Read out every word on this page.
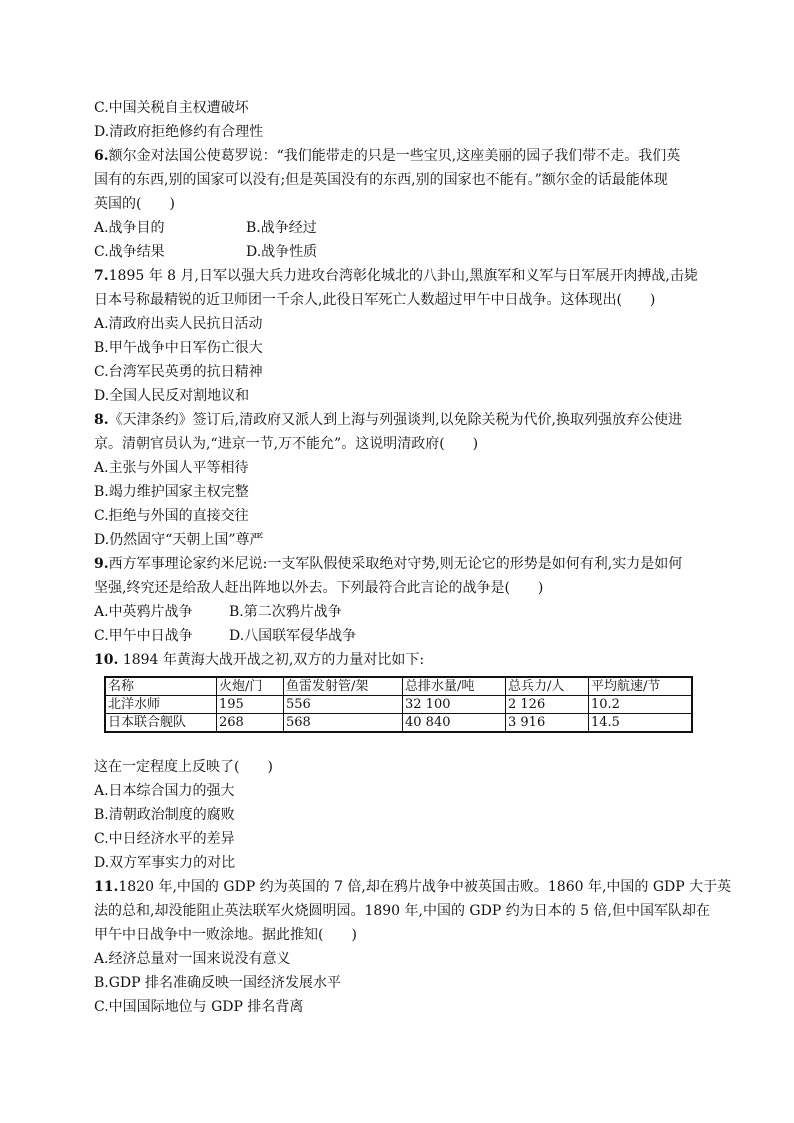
C.中国关税自主权遭破坏
D.清政府拒绝修约有合理性
6.额尔金对法国公使葛罗说：“我们能带走的只是一些宝贝,这座美丽的园子我们带不走。我们英
国有的东西,别的国家可以没有;但是英国没有的东西,别的国家也不能有。”额尔金的话最能体现
英国的(　　)
A.战争目的	B.战争经过
C.战争结果	D.战争性质
7.1895 年 8 月,日军以强大兵力进攻台湾彰化城北的八卦山,黑旗军和义军与日军展开肉搏战,击毙
日本号称最精锐的近卫师团一千余人,此役日军死亡人数超过甲午中日战争。这体现出(　　)
A.清政府出卖人民抗日活动
B.甲午战争中日军伤亡很大
C.台湾军民英勇的抗日精神
D.全国人民反对割地议和
8.《天津条约》签订后,清政府又派人到上海与列强谈判,以免除关税为代价,换取列强放弃公使进
京。清朝官员认为,“进京一节,万不能允”。这说明清政府(　　)
A.主张与外国人平等相待
B.竭力维护国家主权完整
C.拒绝与外国的直接交往
D.仍然固守“天朝上国”尊严
9.西方军事理论家约米尼说:一支军队假使采取绝对守势,则无论它的形势是如何有利,实力是如何
坚强,终究还是给敌人赶出阵地以外去。下列最符合此言论的战争是(　　)
A.中英鸦片战争	B.第二次鸦片战争
C.甲午中日战争	D.八国联军侵华战争
10. 1894 年黄海大战开战之初,双方的力量对比如下:
名称	火炮/门	鱼雷发射管/架	总排水量/吨	总兵力/人	平均航速/节
北洋水师	195	556	32 100	2 126	10.2
日本联合舰队	268	568	40 840	3 916	14.5
这在一定程度上反映了(　　)
A.日本综合国力的强大
B.清朝政治制度的腐败
C.中日经济水平的差异
D.双方军事实力的对比
11.1820 年,中国的 GDP 约为英国的 7 倍,却在鸦片战争中被英国击败。1860 年,中国的 GDP 大于英
法的总和,却没能阻止英法联军火烧圆明园。1890 年,中国的 GDP 约为日本的 5 倍,但中国军队却在
甲午中日战争中一败涂地。据此推知(　　)
A.经济总量对一国来说没有意义
B.GDP 排名准确反映一国经济发展水平
C.中国国际地位与 GDP 排名背离
